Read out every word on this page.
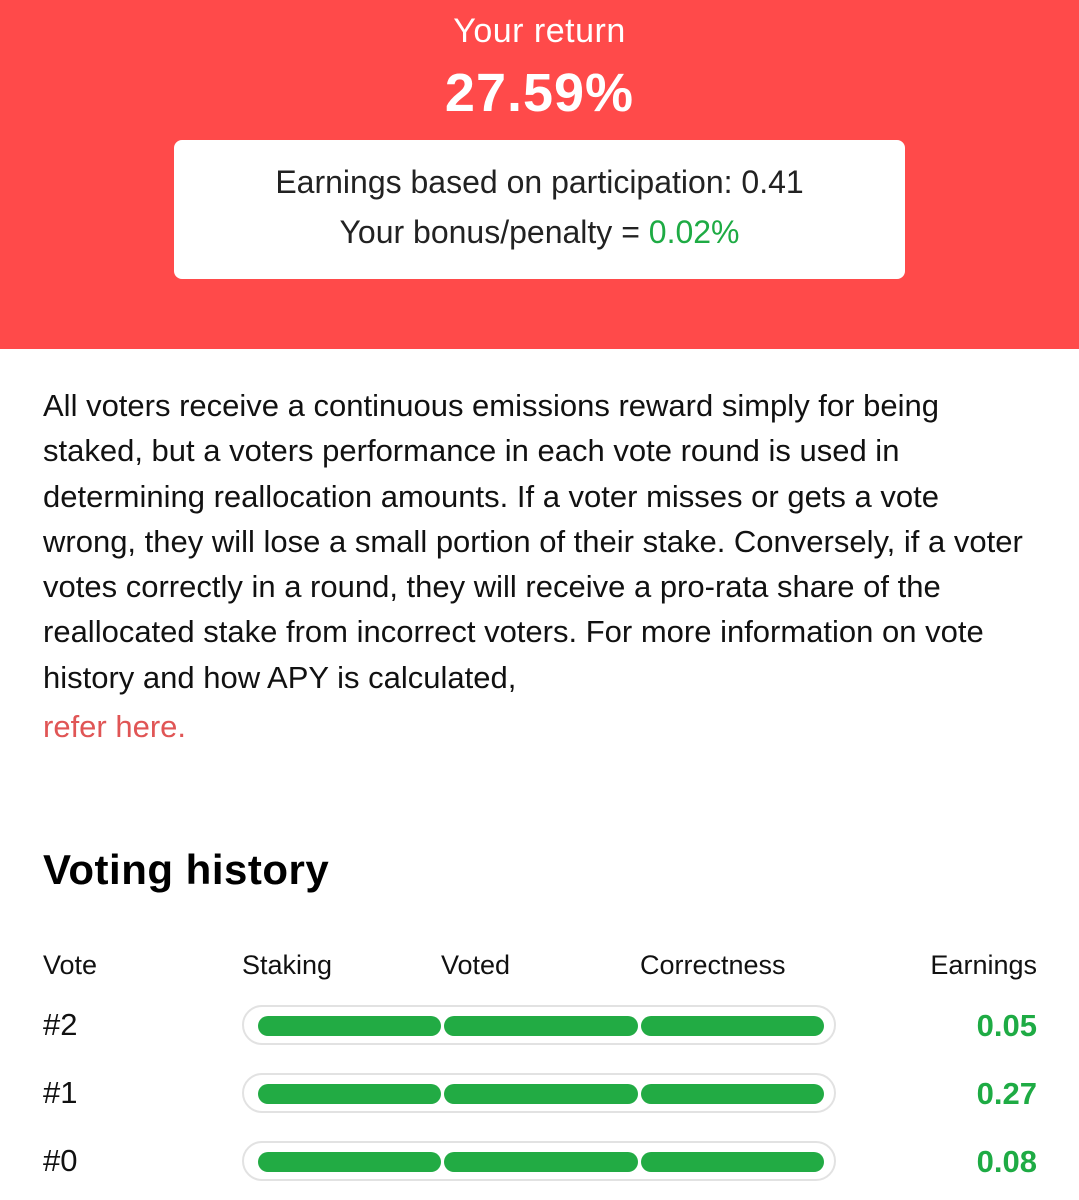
Your return
27.59%
Earnings based on participation: 0.41
Your bonus/penalty = 0.02%
All voters receive a continuous emissions reward simply for being staked, but a voters performance in each vote round is used in determining reallocation amounts. If a voter misses or gets a vote wrong, they will lose a small portion of their stake. Conversely, if a voter votes correctly in a round, they will receive a pro-rata share of the reallocated stake from incorrect voters. For more information on vote history and how APY is calculated,
refer here.
Voting history
Vote	Staking	Voted	Correctness	Earnings
#2	0.05
#1	0.27
#0	0.08
